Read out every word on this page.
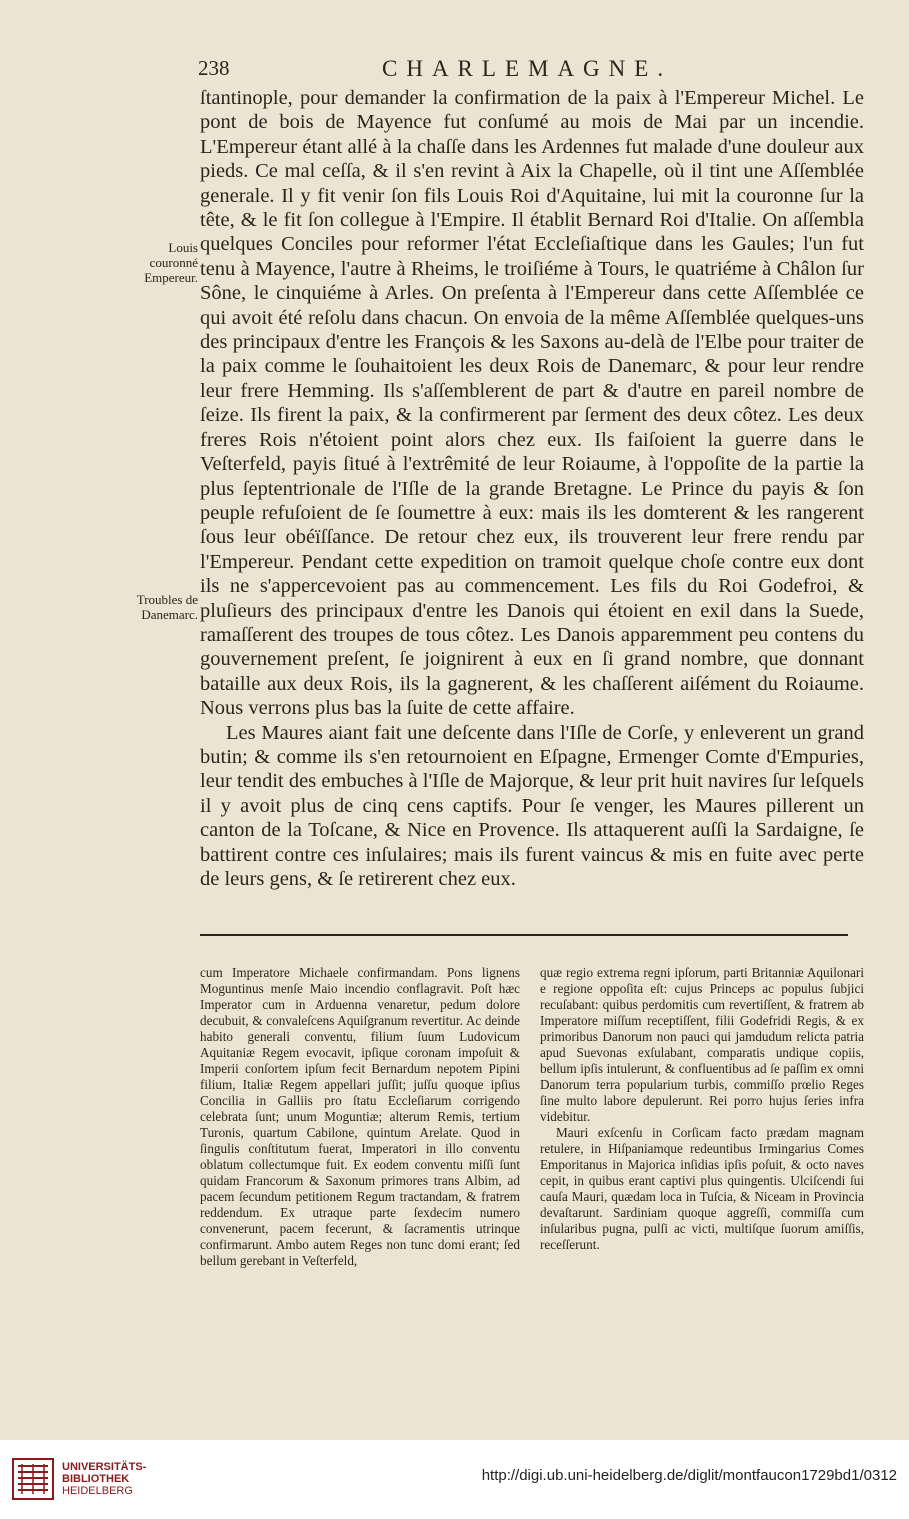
238	CHARLEMAGNE.
Louis couronné Empereur.
Troubles de Danemarc.

ſtantinople, pour demander la confirmation de la paix à l'Empereur Michel. Le pont de bois de Mayence fut conſumé au mois de Mai par un incendie. L'Empereur étant allé à la chaſſe dans les Ardennes fut malade d'une douleur aux pieds. Ce mal ceſſa, & il s'en revint à Aix la Chapelle, où il tint une Aſſemblée generale. Il y fit venir ſon fils Louis Roi d'Aquitaine, lui mit la couronne ſur la tête, & le fit ſon collegue à l'Empire. Il établit Bernard Roi d'Italie. On aſſembla quelques Conciles pour reformer l'état Eccleſiaſtique dans les Gaules; l'un fut tenu à Mayence, l'autre à Rheims, le troiſiéme à Tours, le quatriéme à Châlon ſur Sône, le cinquiéme à Arles. On preſenta à l'Empereur dans cette Aſſemblée ce qui avoit été reſolu dans chacun. On envoia de la même Aſſemblée quelques-uns des principaux d'entre les François & les Saxons au-delà de l'Elbe pour traiter de la paix comme le ſouhaitoient les deux Rois de Danemarc, & pour leur rendre leur frere Hemming. Ils s'aſſemblerent de part & d'autre en pareil nombre de ſeize. Ils firent la paix, & la confirmerent par ſerment des deux côtez. Les deux freres Rois n'étoient point alors chez eux. Ils faiſoient la guerre dans le Veſterfeld, payis ſitué à l'extrêmité de leur Roiaume, à l'oppoſite de la partie la plus ſeptentrionale de l'Iſle de la grande Bretagne. Le Prince du payis & ſon peuple refuſoient de ſe ſoumettre à eux: mais ils les domterent & les rangerent ſous leur obéïſſance. De retour chez eux, ils trouverent leur frere rendu par l'Empereur. Pendant cette expedition on tramoit quelque choſe contre eux dont ils ne s'appercevoient pas au commencement. Les fils du Roi Godefroi, & pluſieurs des principaux d'entre les Danois qui étoient en exil dans la Suede, ramaſſerent des troupes de tous côtez. Les Danois apparemment peu contens du gouvernement preſent, ſe joignirent à eux en ſi grand nombre, que donnant bataille aux deux Rois, ils la gagnerent, & les chaſſerent aiſément du Roiaume. Nous verrons plus bas la ſuite de cette affaire.

Les Maures aiant fait une deſcente dans l'Iſle de Corſe, y enleverent un grand butin; & comme ils s'en retournoient en Eſpagne, Ermenger Comte d'Empuries, leur tendit des embuches à l'Iſle de Majorque, & leur prit huit navires ſur leſquels il y avoit plus de cinq cens captifs. Pour ſe venger, les Maures pillerent un canton de la Toſcane, & Nice en Provence. Ils attaquerent auſſi la Sardaigne, ſe battirent contre ces inſulaires; mais ils furent vaincus & mis en fuite avec perte de leurs gens, & ſe retirerent chez eux.

cum Imperatore Michaele confirmandam. Pons lignens Moguntinus menſe Maio incendio conflagravit. Poſt hæc Imperator cum in Arduenna venaretur, pedum dolore decubuit, & convaleſcens Aquiſgranum revertitur. Ac deinde habito generali conventu, filium ſuum Ludovicum Aquitaniæ Regem evocavit, ipſique coronam impoſuit & Imperii conſortem ipſum fecit Bernardum nepotem Pipini filium, Italiæ Regem appellari juſſit; juſſu quoque ipſius Concilia in Galliis pro ſtatu Eccleſiarum corrigendo celebrata ſunt; unum Moguntiæ; alterum Remis, tertium Turonis, quartum Cabilone, quintum Arelate. Quod in ſingulis conſtitutum fuerat, Imperatori in illo conventu oblatum collectumque fuit. Ex eodem conventu miſſi ſunt quidam Francorum & Saxonum primores trans Albim, ad pacem ſecundum petitionem Regum tractandam, & fratrem reddendum. Ex utraque parte ſexdecim numero convenerunt, pacem fecerunt, & ſacramentis utrinque confirmarunt. Ambo autem Reges non tunc domi erant; ſed bellum gerebant in Veſterfeld,

quæ regio extrema regni ipſorum, parti Britanniæ Aquilonari e regione oppoſita eſt: cujus Princeps ac populus ſubjici recuſabant: quibus perdomitis cum revertiſſent, & fratrem ab Imperatore miſſum receptiſſent, filii Godefridi Regis, & ex primoribus Danorum non pauci qui jamdudum relicta patria apud Suevonas exſulabant, comparatis undique copiis, bellum ipſis intulerunt, & confluentibus ad ſe paſſim ex omni Danorum terra popularium turbis, commiſſo prœlio Reges ſine multo labore depulerunt. Rei porro hujus ſeries infra videbitur.

Mauri exſcenſu in Corſicam facto prædam magnam retulere, in Hiſpaniamque redeuntibus Irmingarius Comes Emporitanus in Majorica inſidias ipſis poſuit, & octo naves cepit, in quibus erant captivi plus quingentis. Ulciſcendi ſui cauſa Mauri, quædam loca in Tuſcia, & Niceam in Provincia devaſtarunt. Sardiniam quoque aggreſſi, commiſſa cum inſularibus pugna, pulſi ac victi, multiſque ſuorum amiſſis, receſſerunt.

UNIVERSITÄTS-
BIBLIOTHEK
HEIDELBERG
http://digi.ub.uni-heidelberg.de/diglit/montfaucon1729bd1/0312
